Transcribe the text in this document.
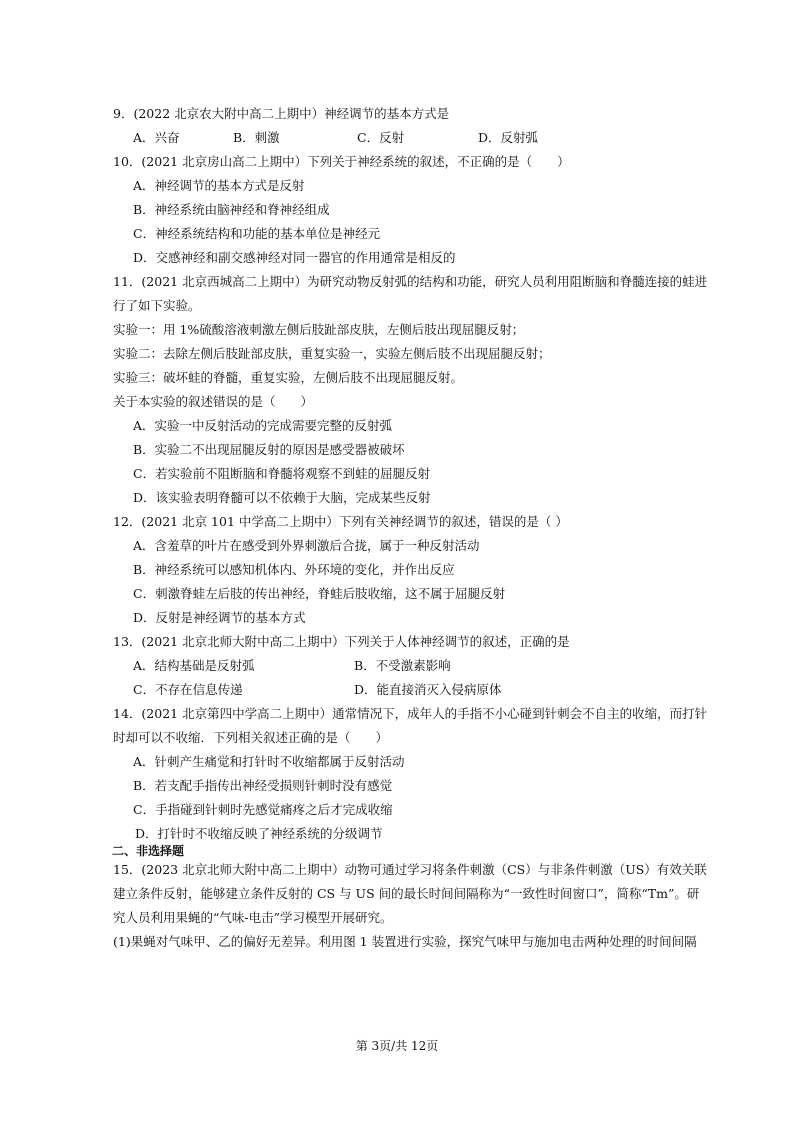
9．(2022 北京农大附中高二上期中）神经调节的基本方式是
A．兴奋	B．刺激	C．反射	D．反射弧
10．(2021 北京房山高二上期中）下列关于神经系统的叙述，不正确的是（　　）
A．神经调节的基本方式是反射
B．神经系统由脑神经和脊神经组成
C．神经系统结构和功能的基本单位是神经元
D．交感神经和副交感神经对同一器官的作用通常是相反的
11．(2021 北京西城高二上期中）为研究动物反射弧的结构和功能，研究人员利用阻断脑和脊髓连接的蛙进
行了如下实验。
实验一：用 1%硫酸溶液刺激左侧后肢趾部皮肤，左侧后肢出现屈腿反射；
实验二：去除左侧后肢趾部皮肤，重复实验一，实验左侧后肢不出现屈腿反射；
实验三：破坏蛙的脊髓，重复实验，左侧后肢不出现屈腿反射。
关于本实验的叙述错误的是（　　）
A．实验一中反射活动的完成需要完整的反射弧
B．实验二不出现屈腿反射的原因是感受器被破坏
C．若实验前不阻断脑和脊髓将观察不到蛙的屈腿反射
D．该实验表明脊髓可以不依赖于大脑，完成某些反射
12．(2021 北京 101 中学高二上期中）下列有关神经调节的叙述，错误的是（ ）
A．含羞草的叶片在感受到外界刺激后合拢，属于一种反射活动
B．神经系统可以感知机体内、外环境的变化，并作出反应
C．刺激脊蛙左后肢的传出神经，脊蛙后肢收缩，这不属于屈腿反射
D．反射是神经调节的基本方式
13．(2021 北京北师大附中高二上期中）下列关于人体神经调节的叙述，正确的是
A．结构基础是反射弧	B．不受激素影响
C．不存在信息传递	D．能直接消灭入侵病原体
14．(2021 北京第四中学高二上期中）通常情况下，成年人的手指不小心碰到针刺会不自主的收缩，而打针
时却可以不收缩．下列相关叙述正确的是（　　）
A．针刺产生痛觉和打针时不收缩都属于反射活动
B．若支配手指传出神经受损则针刺时没有感觉
C．手指碰到针刺时先感觉痛疼之后才完成收缩
D．打针时不收缩反映了神经系统的分级调节
二、非选择题
15．(2023 北京北师大附中高二上期中）动物可通过学习将条件刺激（CS）与非条件刺激（US）有效关联
建立条件反射，能够建立条件反射的 CS 与 US 间的最长时间间隔称为“一致性时间窗口”，简称“Tm”。研
究人员利用果蝇的“气味-电击”学习模型开展研究。
(1)果蝇对气味甲、乙的偏好无差异。利用图 1 装置进行实验，探究气味甲与施加电击两种处理的时间间隔
第 3页/共 12页
